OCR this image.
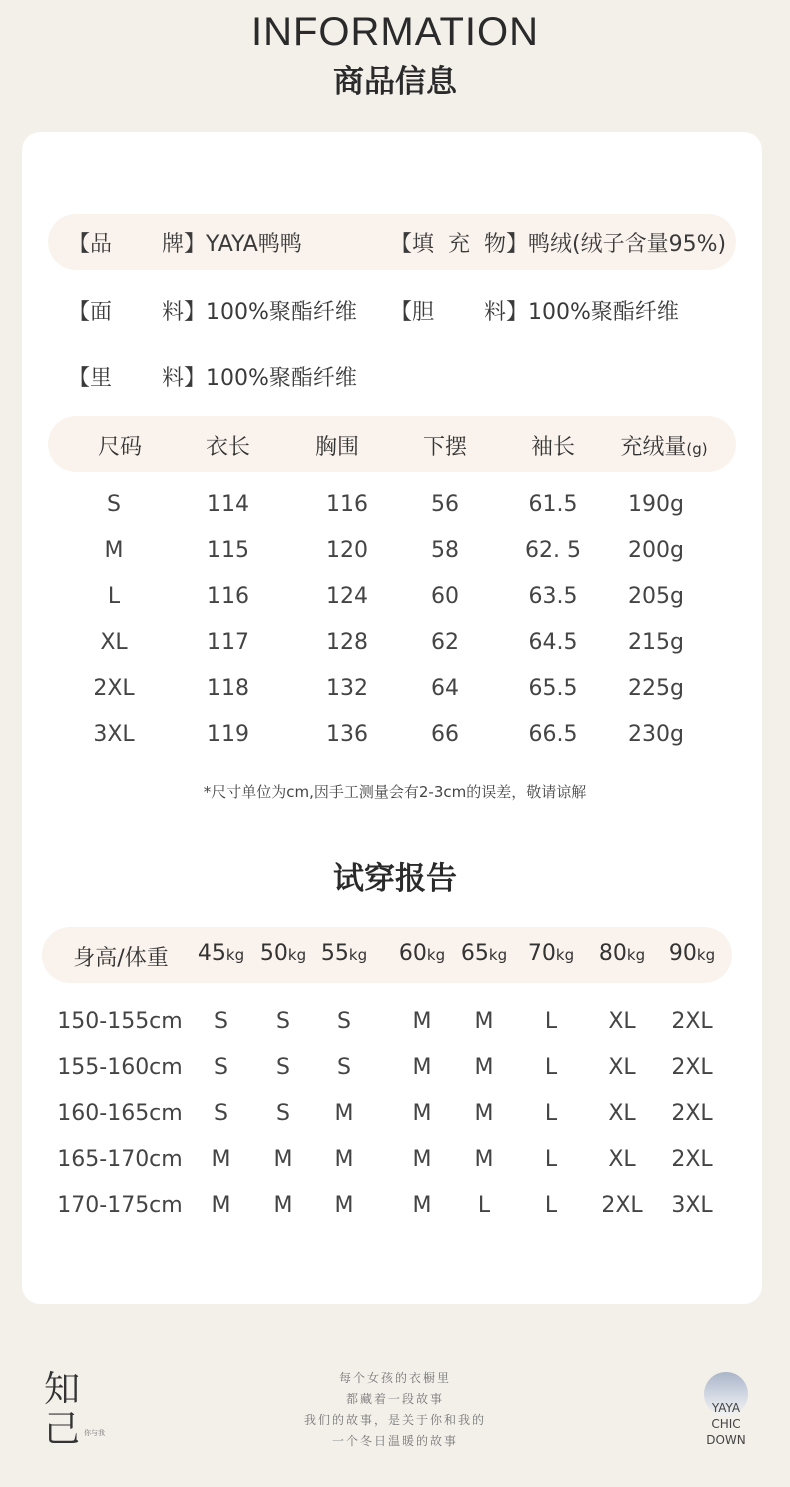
INFORMATION
商品信息
【品 牌】 YAYA鸭鸭	【填 充 物】 鸭绒(绒子含量95%)
【面 料】 100%聚酯纤维 【胆 料】 100%聚酯纤维
【里 料】 100%聚酯纤维
尺码	衣长	胸围	下摆	袖长	充绒量(g)
S	114	116	56	61.5	190g
M	115	120	58	62. 5	200g
L	116	124	60	63.5	205g
XL	117	128	62	64.5	215g
2XL	118	132	64	65.5	225g
3XL	119	136	66	66.5	230g
*尺寸单位为cm,因手工测量会有2-3cm的误差，敬请谅解
试穿报告
身高/体重	45kg 50kg 55kg	60kg 65kg 70kg	80kg	90kg
150-155cm	S	S	S	M	M	L	XL	2XL
155-160cm	S	S	S	M	M	L	XL	2XL
160-165cm	S	S	M	M	M	L	XL	2XL
165-170cm	M	M	M	M	M	L	XL	2XL
170-175cm	M	M	M	M	L	L	2XL	3XL
知
己 你与我
每个女孩的衣橱里
都藏着一段故事
我们的故事，是关于你和我的
一个冬日温暖的故事
YAYA
CHIC
DOWN
